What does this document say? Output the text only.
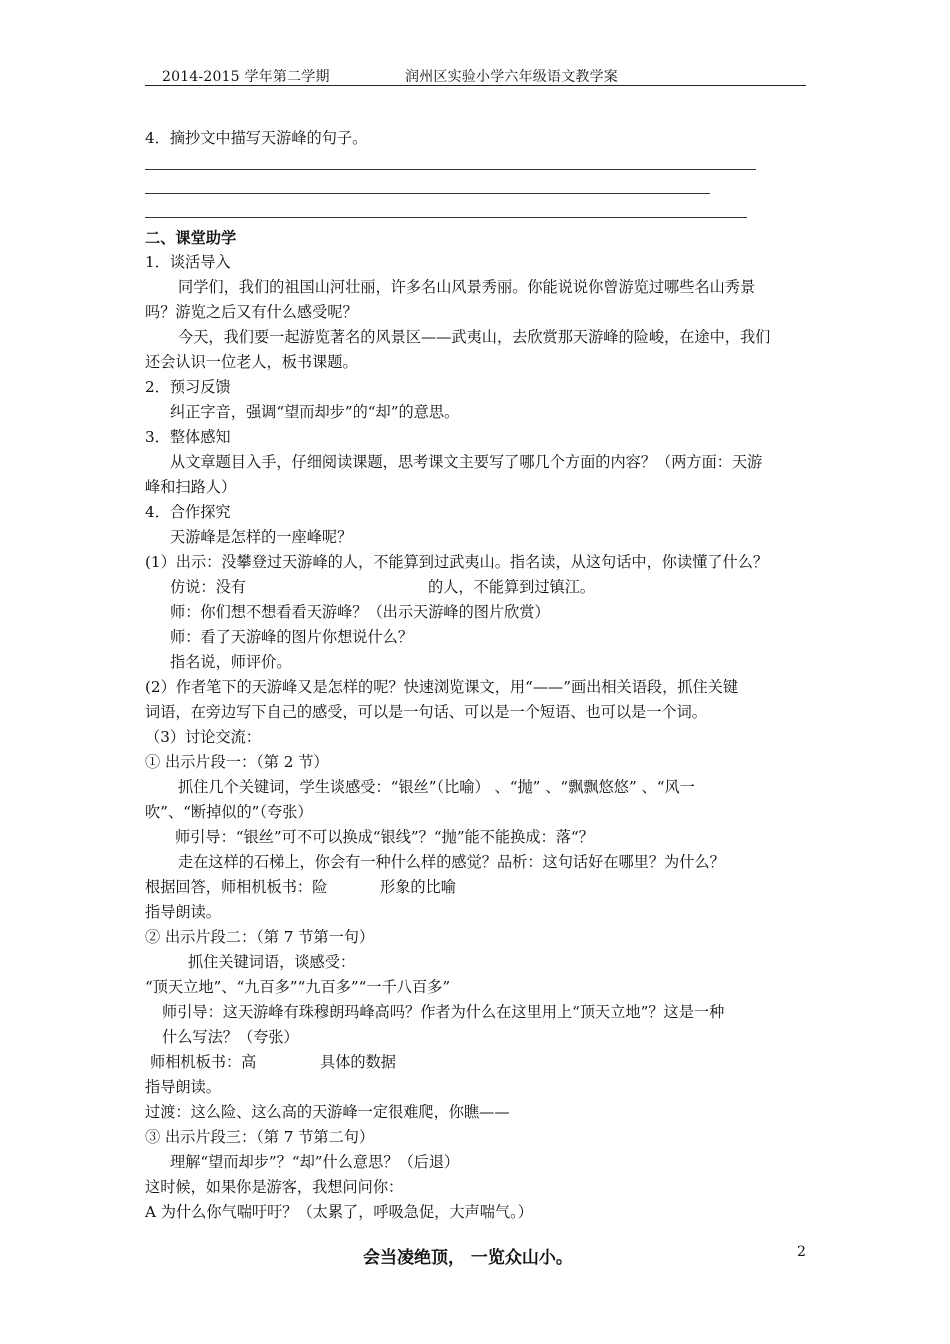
2014-2015 学年第二学期	润州区实验小学六年级语文教学案
4．摘抄文中描写天游峰的句子。
二、课堂助学
1．谈活导入
同学们，我们的祖国山河壮丽，许多名山风景秀丽。你能说说你曾游览过哪些名山秀景
吗？游览之后又有什么感受呢？
今天，我们要一起游览著名的风景区——武夷山，去欣赏那天游峰的险峻，在途中，我们
还会认识一位老人，板书课题。
2．预习反馈
纠正字音，强调“望而却步”的“却”的意思。
3．整体感知
从文章题目入手，仔细阅读课题，思考课文主要写了哪几个方面的内容？（两方面：天游
峰和扫路人）
4．合作探究
天游峰是怎样的一座峰呢？
(1）出示：没攀登过天游峰的人，不能算到过武夷山。指名读，从这句话中，你读懂了什么？
仿说：没有	的人，不能算到过镇江。
师：你们想不想看看天游峰？（出示天游峰的图片欣赏）
师：看了天游峰的图片你想说什么？
指名说，师评价。
(2）作者笔下的天游峰又是怎样的呢？快速浏览课文，用“——”画出相关语段，抓住关键
词语，在旁边写下自己的感受，可以是一句话、可以是一个短语、也可以是一个词。
（3）讨论交流：
① 出示片段一：（第 2 节）
抓住几个关键词，学生谈感受：“银丝”（比喻） 、“抛” 、“飘飘悠悠” 、“风一
吹”、“断掉似的”（夸张）
师引导：“银丝”可不可以换成“银线”？“抛”能不能换成：落“？
走在这样的石梯上，你会有一种什么样的感觉？品析：这句话好在哪里？为什么？
根据回答，师相机板书：险	形象的比喻
指导朗读。
② 出示片段二：（第 7 节第一句）
抓住关键词语，谈感受：
“顶天立地”、“九百多”“九百多”“一千八百多”
师引导：这天游峰有珠穆朗玛峰高吗？作者为什么在这里用上“顶天立地”？这是一种
什么写法？（夸张）
师相机板书：高	具体的数据
指导朗读。
过渡：这么险、这么高的天游峰一定很难爬，你瞧——
③ 出示片段三：（第 7 节第二句）
理解“望而却步”？“却”什么意思？（后退）
这时候，如果你是游客，我想问问你：
A 为什么你气喘吁吁？（太累了，呼吸急促，大声喘气。）
会当凌绝顶， 一览众山小。	2
